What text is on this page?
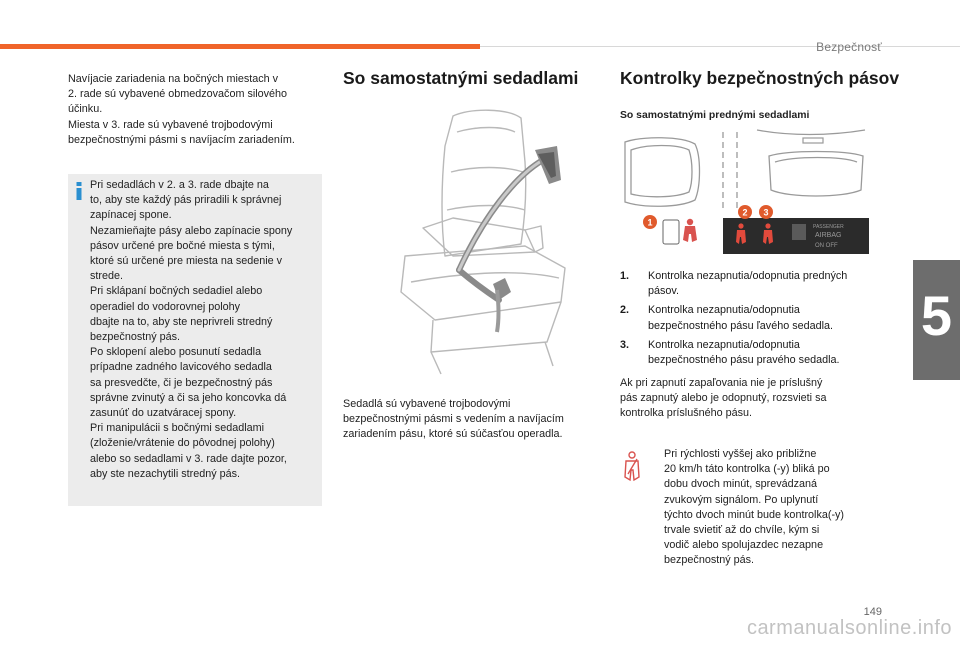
Bezpečnosť
5
Navíjacie zariadenia na bočných miestach v
2. rade sú vybavené obmedzovačom silového
účinku.
Miesta v 3. rade sú vybavené trojbodovými
bezpečnostnými pásmi s navíjacím zariadením.
Pri sedadlách v 2. a 3. rade dbajte na
to, aby ste každý pás priradili k správnej
zapínacej spone.
Nezamieňajte pásy alebo zapínacie spony
pásov určené pre bočné miesta s tými,
ktoré sú určené pre miesta na sedenie v
strede.
Pri sklápaní bočných sedadiel alebo
operadiel do vodorovnej polohy
dbajte na to, aby ste neprivreli stredný
bezpečnostný pás.
Po sklopení alebo posunutí sedadla
prípadne zadného lavicového sedadla
sa presvedčte, či je bezpečnostný pás
správne zvinutý a či sa jeho koncovka dá
zasunúť do uzatváracej spony.
Pri manipulácii s bočnými sedadlami
(zloženie/vrátenie do pôvodnej polohy)
alebo so sedadlami v 3. rade dajte pozor,
aby ste nezachytili stredný pás.
So samostatnými sedadlami
Sedadlá sú vybavené trojbodovými
bezpečnostnými pásmi s vedením a navíjacím
zariadením pásu, ktoré sú súčasťou operadla.
Kontrolky bezpečnostných pásov
So samostatnými prednými sedadlami
PASSENGER
AIRBAG
ON OFF
1
2 3
1. Kontrolka nezapnutia/odopnutia predných
pásov.
2. Kontrolka nezapnutia/odopnutia
bezpečnostného pásu ľavého sedadla.
3. Kontrolka nezapnutia/odopnutia
bezpečnostného pásu pravého sedadla.
Ak pri zapnutí zapaľovania nie je príslušný
pás zapnutý alebo je odopnutý, rozsvieti sa
kontrolka príslušného pásu.
Pri rýchlosti vyššej ako približne
20 km/h táto kontrolka (-y) bliká po
dobu dvoch minút, sprevádzaná
zvukovým signálom. Po uplynutí
týchto dvoch minút bude kontrolka(-y)
trvale svietiť až do chvíle, kým si
vodič alebo spolujazdec nezapne
bezpečnostný pás.
149
carmanualsonline.info
